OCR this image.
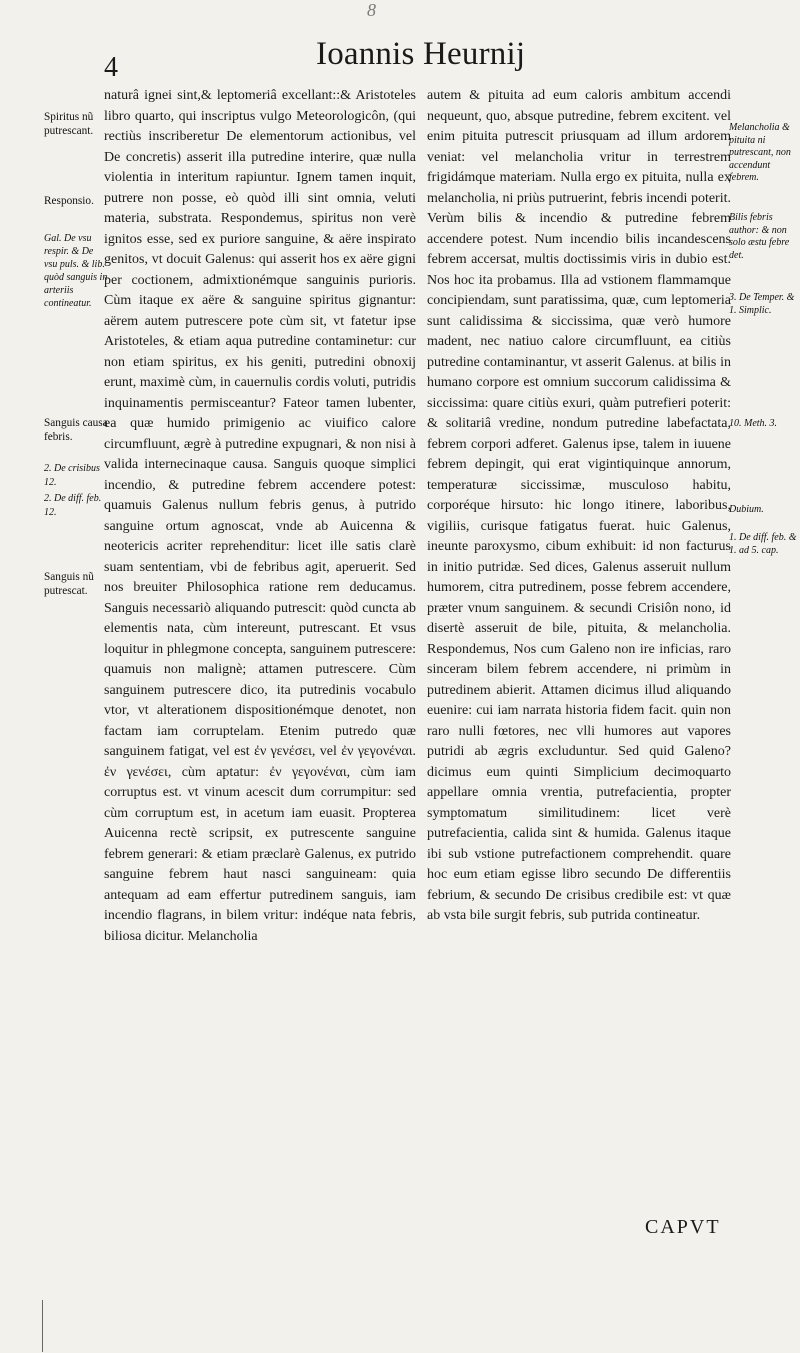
4	Ioannis Heurnij
8
Spiritus nũ putrescant.
Responsio.
Gal. De vsu respir. & De vsu puls. & lib. quòd sanguis in arteriis contineatur.
Sanguis causa febris.
2. De crisibus 12.
2. De diff. feb. 12.
Sanguis nũ putrescat.

naturâ ignei sint,& leptomeriâ excellant::& Aristoteles libro quarto, qui inscriptus vulgo Meteorologicôn, (qui rectiùs inscriberetur De elementorum actionibus, vel De concretis) asserit illa putredine interire, quæ nulla violentia in interitum rapiuntur. Ignem tamen inquit, putrere non posse, eò quòd illi sint omnia, veluti materia, substrata. Respondemus, spiritus non verè ignitos esse, sed ex puriore sanguine, & aëre inspirato genitos, vt docuit Galenus: qui asserit hos ex aëre gigni per coctionem, admixtionémque sanguinis purioris. Cùm itaque ex aëre & sanguine spiritus gignantur: aërem autem putrescere pote cùm sit, vt fatetur ipse Aristoteles, & etiam aqua putredine contaminetur: cur non etiam spiritus, ex his geniti, putredini obnoxij erunt, maximè cùm, in cauernulis cordis voluti, putridis inquinamentis permisceantur? Fateor tamen lubenter, ea quæ humido primigenio ac viuifico calore circumfluunt, ægrè à putredine expugnari, & non nisi à valida internecinaque causa. Sanguis quoque simplici incendio, & putredine febrem accendere potest: quamuis Galenus nullum febris genus, à putrido sanguine ortum agnoscat, vnde ab Auicenna & neotericis acriter reprehenditur: licet ille satis clarè suam sententiam, vbi de febribus agit, aperuerit. Sed nos breuiter Philosophica ratione rem deducamus. Sanguis necessariò aliquando putrescit: quòd cuncta ab elementis nata, cùm intereunt, putrescant. Et vsus loquitur in phlegmone concepta, sanguinem putrescere: quamuis non malignè; attamen putrescere. Cùm sanguinem putrescere dico, ita putredinis vocabulo vtor, vt alterationem dispositionémque denotet, non factam iam corruptelam. Etenim putredo quæ sanguinem fatigat, vel est ἐν γενέσει, vel ἐν γεγονέναι. ἐν γενέσει, cùm aptatur: ἐν γεγονέναι, cùm iam corruptus est. vt vinum acescit dum corrumpitur: sed cùm corruptum est, in acetum iam euasit. Propterea Auicenna rectè scripsit, ex putrescente sanguine febrem generari: & etiam præclarè Galenus, ex putrido sanguine febrem haut nasci sanguineam: quia antequam ad eam effertur putredinem sanguis, iam incendio flagrans, in bilem vritur: indéque nata febris, biliosa dicitur. Melancholia

autem & pituita ad eum caloris ambitum accendi nequeunt, quo, absque putredine, febrem excitent. vel enim pituita putrescit priusquam ad illum ardorem veniat: vel melancholia vritur in terrestrem frigidámque materiam. Nulla ergo ex pituita, nulla ex melancholia, ni priùs putruerint, febris incendi poterit. Verùm bilis & incendio & putredine febrem accendere potest. Num incendio bilis incandescens febrem accersat, multis doctissimis viris in dubio est. Nos hoc ita probamus. Illa ad vstionem flammamque concipiendam, sunt paratissima, quæ, cum leptomeria sunt calidissima & siccissima, quæ verò humore madent, nec natiuo calore circumfluunt, ea citiùs putredine contaminantur, vt asserit Galenus. at bilis in humano corpore est omnium succorum calidissima & siccissima: quare citiùs exuri, quàm putrefieri poterit: & solitariâ vredine, nondum putredine labefactata, febrem corpori adferet. Galenus ipse, talem in iuuene febrem depingit, qui erat vigintiquinque annorum, temperaturæ siccissimæ, musculoso habitu, corporéque hirsuto: hic longo itinere, laboribus, vigiliis, curisque fatigatus fuerat. huic Galenus, ineunte paroxysmo, cibum exhibuit: id non facturus in initio putridæ. Sed dices, Galenus asseruit nullum humorem, citra putredinem, posse febrem accendere, præter vnum sanguinem. & secundi Crisiôn nono, id disertè asseruit de bile, pituita, & melancholia. Respondemus, Nos cum Galeno non ire inficias, raro sinceram bilem febrem accendere, ni primùm in putredinem abierit. Attamen dicimus illud aliquando euenire: cui iam narrata historia fidem facit. quin non raro nulli fœtores, nec vlli humores aut vapores putridi ab ægris excluduntur. Sed quid Galeno? dicimus eum quinti Simplicium decimoquarto appellare omnia vrentia, putrefacientia, propter symptomatum similitudinem: licet verè putrefacientia, calida sint & humida. Galenus itaque ibi sub vstione putrefactionem comprehendit. quare hoc eum etiam egisse libro secundo De differentiis febrium, & secundo De crisibus credibile est: vt quæ ab vsta bile surgit febris, sub putrida contineatur.

Melancholia & pituita ni putrescant, non accendunt febrem.
Bilis febris author: & non solo æstu febre det.
3. De Temper. & 1. Simplic.
10. Meth. 3.
Dubium.
1. De diff. feb. & 1. ad 5. cap.
CAPVT
